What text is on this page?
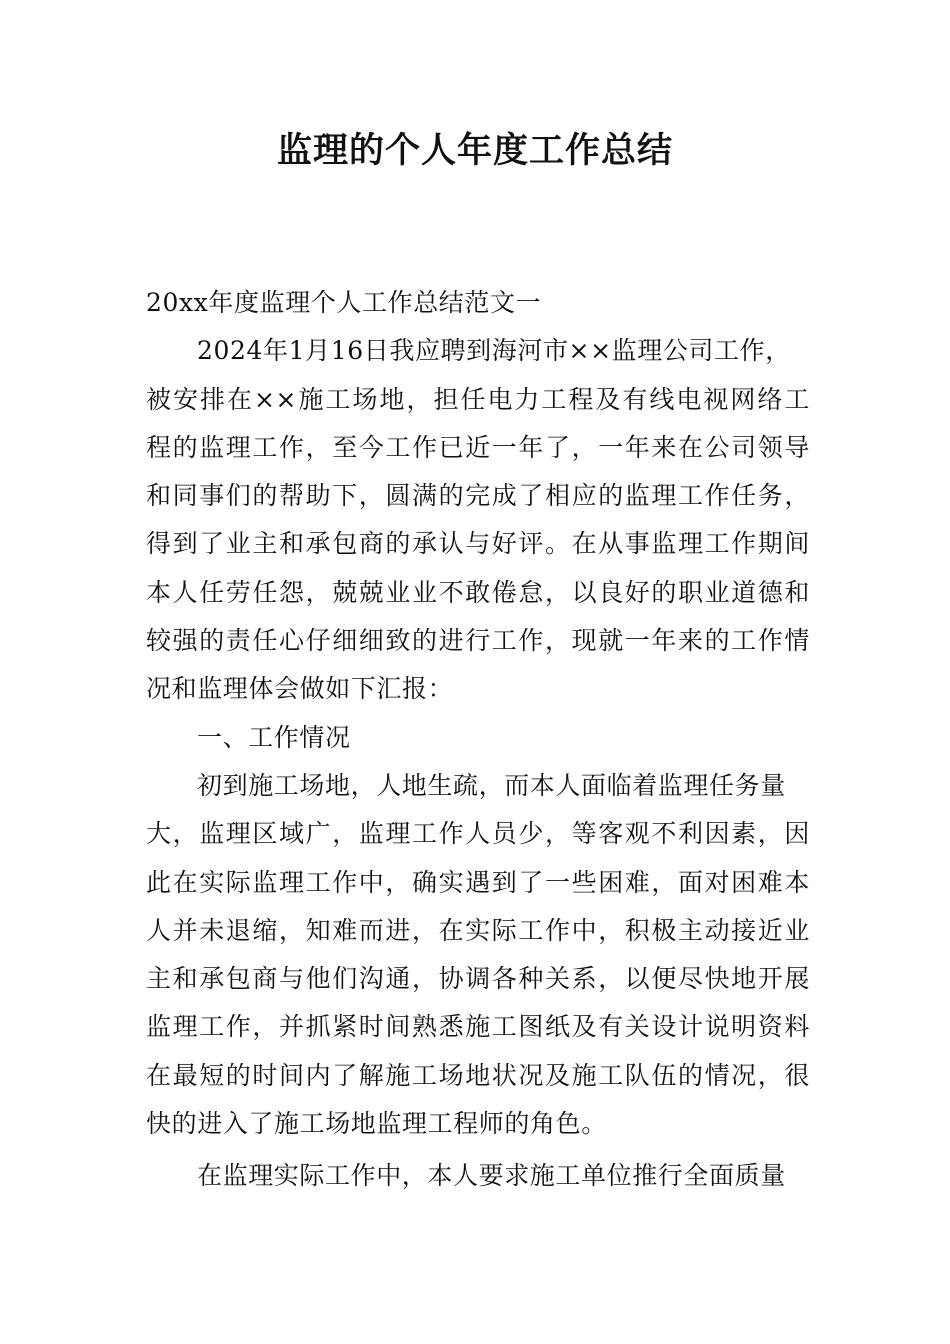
监理的个人年度工作总结
20xx年度监理个人工作总结范文一
2024年1月16日我应聘到海河市××监理公司工作，
被安排在××施工场地，担任电力工程及有线电视网络工
程的监理工作，至今工作已近一年了，一年来在公司领导
和同事们的帮助下，圆满的完成了相应的监理工作任务，
得到了业主和承包商的承认与好评。在从事监理工作期间
本人任劳任怨，兢兢业业不敢倦怠，以良好的职业道德和
较强的责任心仔细细致的进行工作，现就一年来的工作情
况和监理体会做如下汇报：
一、工作情况
初到施工场地，人地生疏，而本人面临着监理任务量
大，监理区域广，监理工作人员少，等客观不利因素，因
此在实际监理工作中，确实遇到了一些困难，面对困难本
人并未退缩，知难而进，在实际工作中，积极主动接近业
主和承包商与他们沟通，协调各种关系，以便尽快地开展
监理工作，并抓紧时间熟悉施工图纸及有关设计说明资料
在最短的时间内了解施工场地状况及施工队伍的情况，很
快的进入了施工场地监理工程师的角色。
在监理实际工作中，本人要求施工单位推行全面质量
